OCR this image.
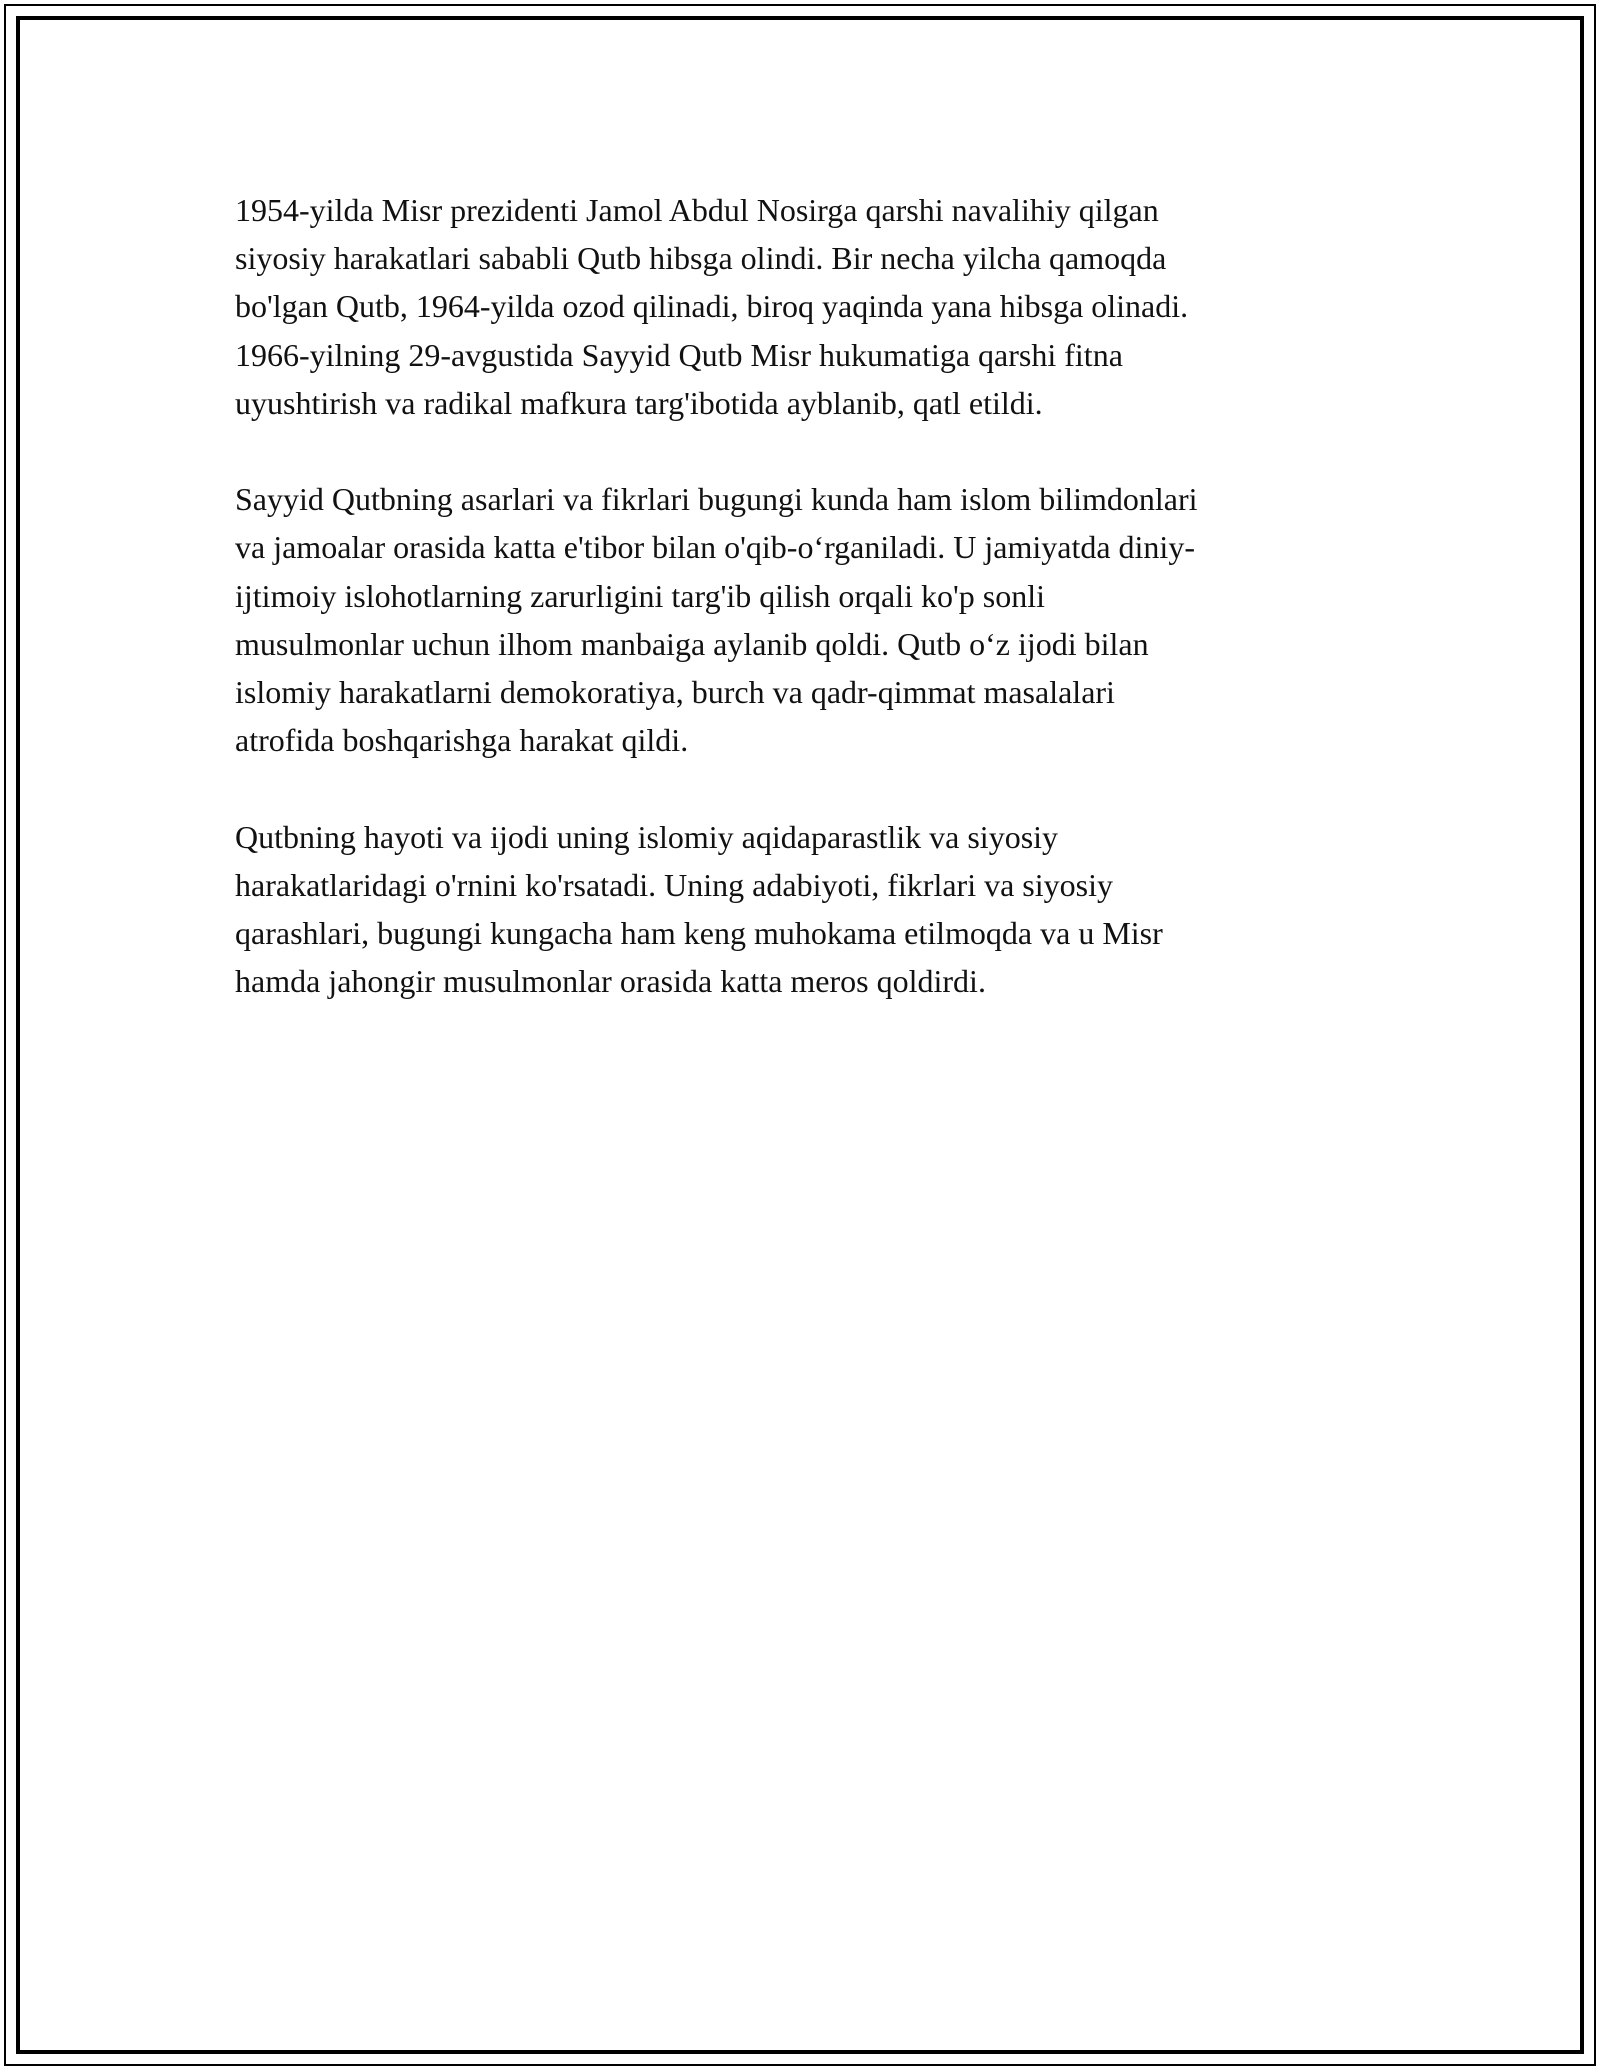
1954-yilda Misr prezidenti Jamol Abdul Nosirga qarshi navalihiy qilgan
siyosiy harakatlari sababli Qutb hibsga olindi. Bir necha yilcha qamoqda
bo'lgan Qutb, 1964-yilda ozod qilinadi, biroq yaqinda yana hibsga olinadi.
1966-yilning 29-avgustida Sayyid Qutb Misr hukumatiga qarshi fitna
uyushtirish va radikal mafkura targ'ibotida ayblanib, qatl etildi.

Sayyid Qutbning asarlari va fikrlari bugungi kunda ham islom bilimdonlari
va jamoalar orasida katta e'tibor bilan o'qib-o‘rganiladi. U jamiyatda diniy-
ijtimoiy islohotlarning zarurligini targ'ib qilish orqali ko'p sonli
musulmonlar uchun ilhom manbaiga aylanib qoldi. Qutb o‘z ijodi bilan
islomiy harakatlarni demokoratiya, burch va qadr-qimmat masalalari
atrofida boshqarishga harakat qildi.

Qutbning hayoti va ijodi uning islomiy aqidaparastlik va siyosiy
harakatlaridagi o'rnini ko'rsatadi. Uning adabiyoti, fikrlari va siyosiy
qarashlari, bugungi kungacha ham keng muhokama etilmoqda va u Misr
hamda jahongir musulmonlar orasida katta meros qoldirdi.
